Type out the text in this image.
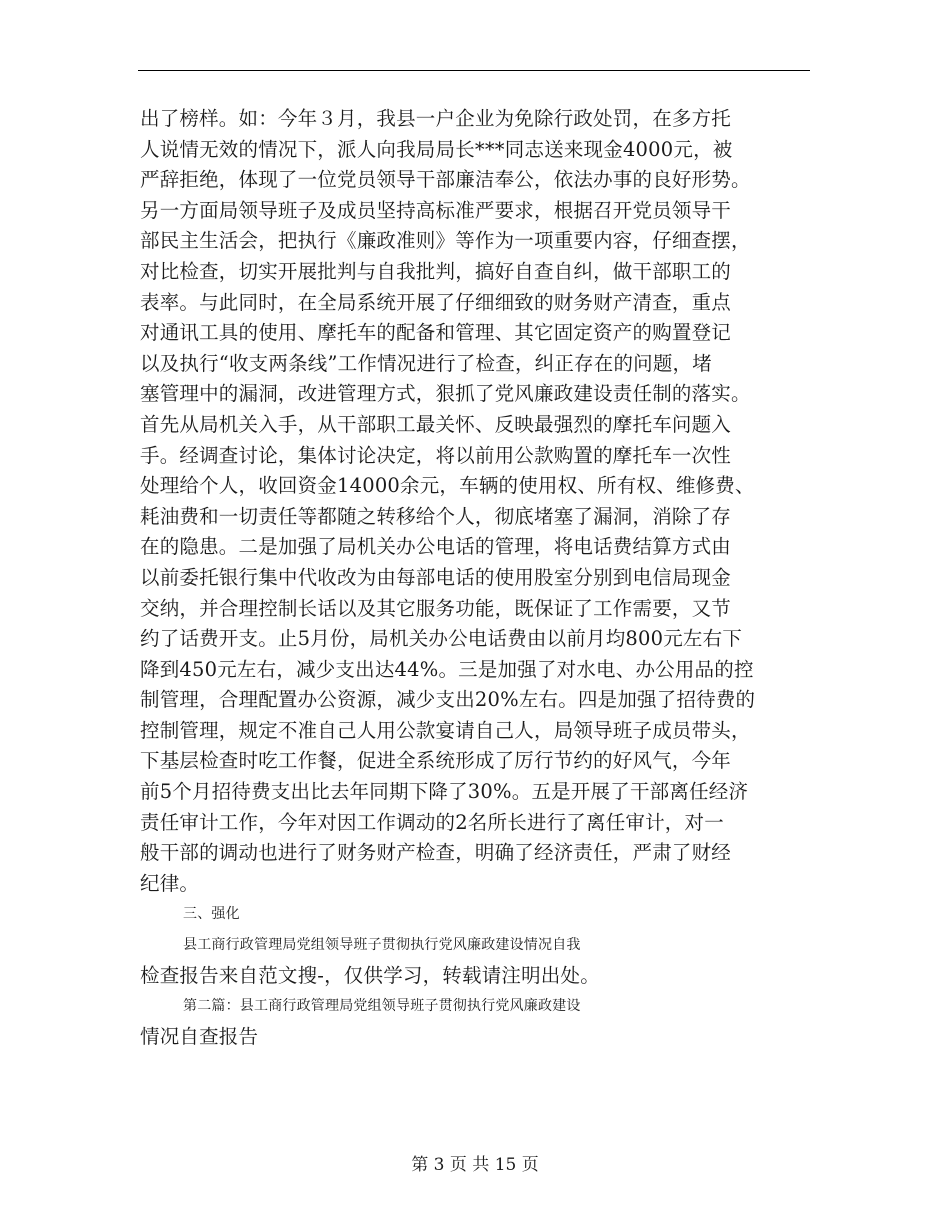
出了榜样。如：今年３月，我县一户企业为免除行政处罚，在多方托
人说情无效的情况下，派人向我局局长***同志送来现金4000元，被
严辞拒绝，体现了一位党员领导干部廉洁奉公，依法办事的良好形势。
另一方面局领导班子及成员坚持高标准严要求，根据召开党员领导干
部民主生活会，把执行《廉政准则》等作为一项重要内容，仔细查摆，
对比检查，切实开展批判与自我批判，搞好自查自纠，做干部职工的
表率。与此同时，在全局系统开展了仔细细致的财务财产清查，重点
对通讯工具的使用、摩托车的配备和管理、其它固定资产的购置登记
以及执行“收支两条线”工作情况进行了检查，纠正存在的问题，堵
塞管理中的漏洞，改进管理方式，狠抓了党风廉政建设责任制的落实。
首先从局机关入手，从干部职工最关怀、反映最强烈的摩托车问题入
手。经调查讨论，集体讨论决定，将以前用公款购置的摩托车一次性
处理给个人，收回资金14000余元，车辆的使用权、所有权、维修费、
耗油费和一切责任等都随之转移给个人，彻底堵塞了漏洞，消除了存
在的隐患。二是加强了局机关办公电话的管理，将电话费结算方式由
以前委托银行集中代收改为由每部电话的使用股室分别到电信局现金
交纳，并合理控制长话以及其它服务功能，既保证了工作需要，又节
约了话费开支。止5月份，局机关办公电话费由以前月均800元左右下
降到450元左右，减少支出达44%。三是加强了对水电、办公用品的控
制管理，合理配置办公资源，减少支出20%左右。四是加强了招待费的
控制管理，规定不准自己人用公款宴请自己人，局领导班子成员带头，
下基层检查时吃工作餐，促进全系统形成了厉行节约的好风气，今年
前5个月招待费支出比去年同期下降了30%。五是开展了干部离任经济
责任审计工作，今年对因工作调动的2名所长进行了离任审计，对一
般干部的调动也进行了财务财产检查，明确了经济责任，严肃了财经
纪律。
三、强化
县工商行政管理局党组领导班子贯彻执行党风廉政建设情况自我
检查报告来自范文搜-，仅供学习，转载请注明出处。
第二篇：县工商行政管理局党组领导班子贯彻执行党风廉政建设
情况自查报告
第 3 页 共 15 页
